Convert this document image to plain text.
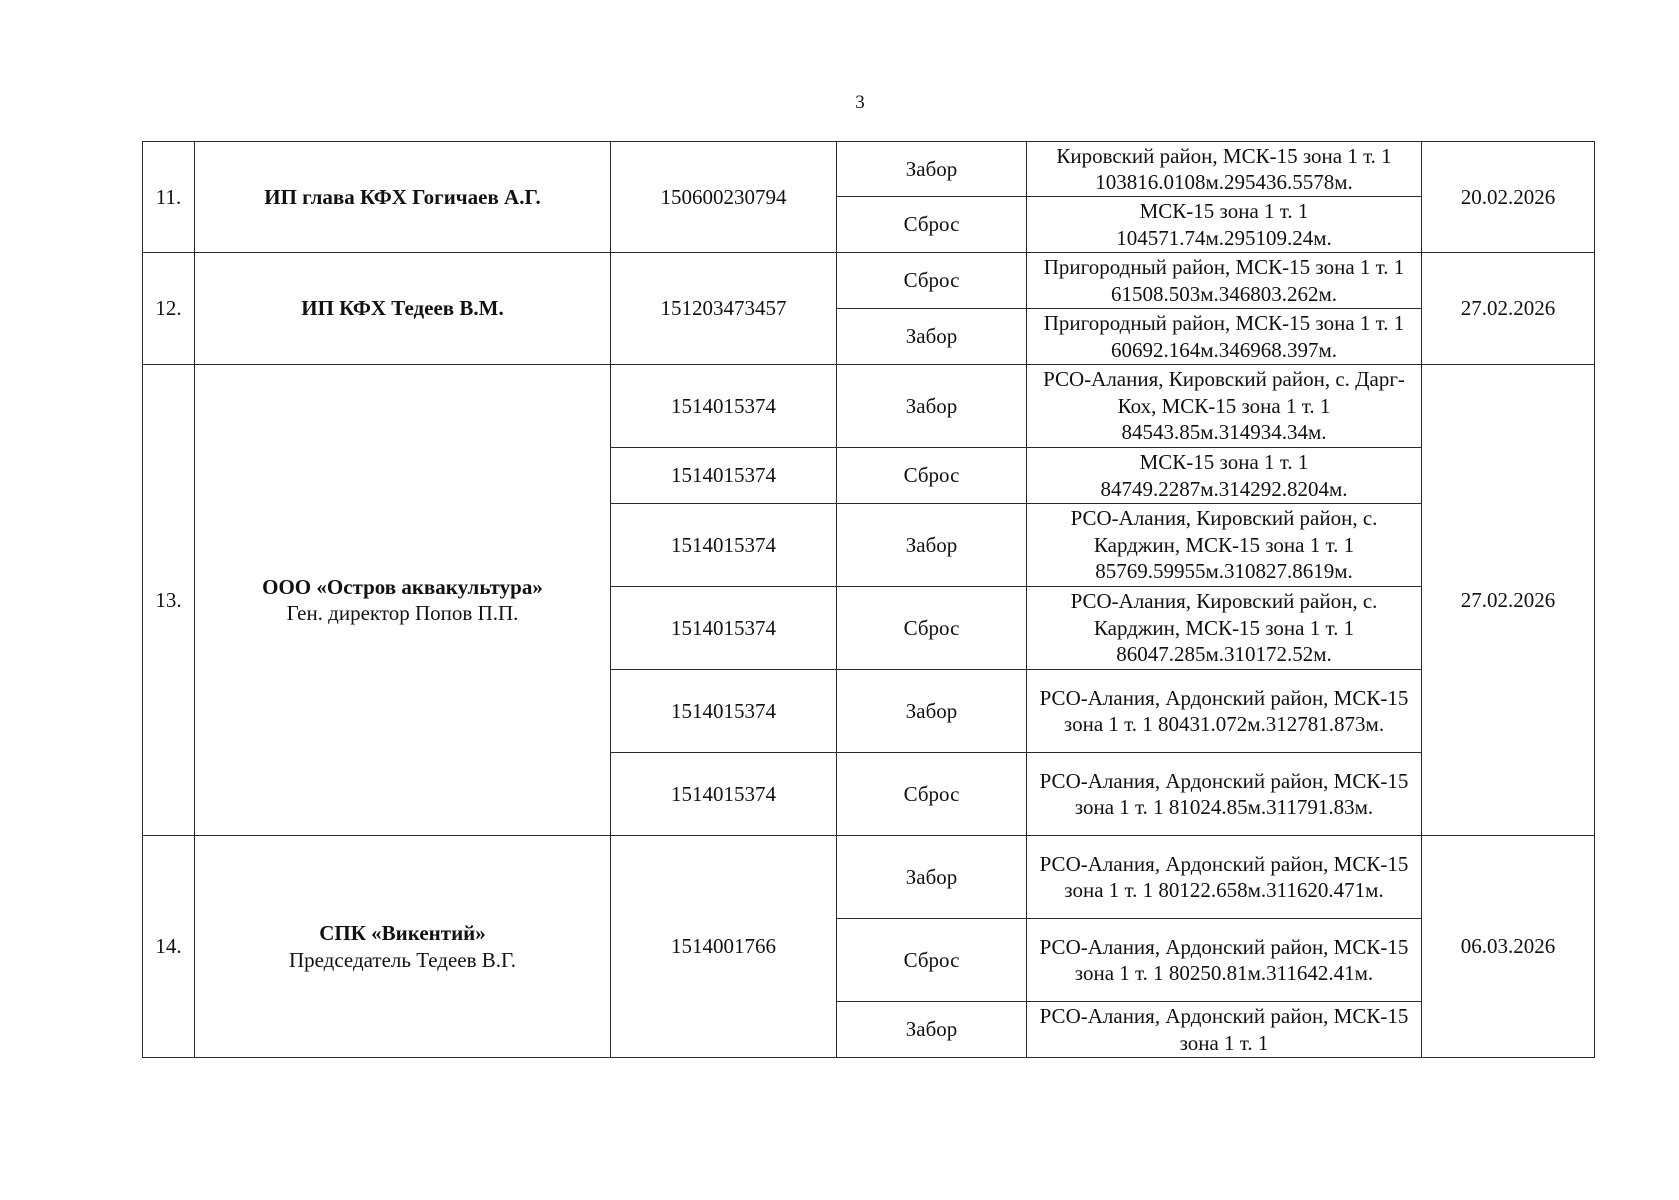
3
11.	ИП глава КФХ Гогичаев А.Г.	150600230794	Забор	Кировский район, МСК-15 зона 1 т. 1 103816.0108м.295436.5578м.	20.02.2026
			Сброс	МСК-15 зона 1 т. 1 104571.74м.295109.24м.	
12.	ИП КФХ Тедеев В.М.	151203473457	Сброс	Пригородный район, МСК-15 зона 1 т. 1 61508.503м.346803.262м.	27.02.2026
			Забор	Пригородный район, МСК-15 зона 1 т. 1 60692.164м.346968.397м.	
13.	ООО «Остров аквакультура»
Ген. директор Попов П.П.	1514015374	Забор	РСО-Алания, Кировский район, с. Дарг-Кох, МСК-15 зона 1 т. 1 84543.85м.314934.34м.	27.02.2026
		1514015374	Сброс	МСК-15 зона 1 т. 1 84749.2287м.314292.8204м.	
		1514015374	Забор	РСО-Алания, Кировский район, с. Карджин, МСК-15 зона 1 т. 1 85769.59955м.310827.8619м.	
		1514015374	Сброс	РСО-Алания, Кировский район, с. Карджин, МСК-15 зона 1 т. 1 86047.285м.310172.52м.	
		1514015374	Забор	РСО-Алания, Ардонский район, МСК-15 зона 1 т. 1 80431.072м.312781.873м.	
		1514015374	Сброс	РСО-Алания, Ардонский район, МСК-15 зона 1 т. 1 81024.85м.311791.83м.	
14.	СПК «Викентий»
Председатель Тедеев В.Г.	1514001766	Забор	РСО-Алания, Ардонский район, МСК-15 зона 1 т. 1 80122.658м.311620.471м.	06.03.2026
			Сброс	РСО-Алания, Ардонский район, МСК-15 зона 1 т. 1 80250.81м.311642.41м.	
			Забор	РСО-Алания, Ардонский район, МСК-15 зона 1 т. 1	
